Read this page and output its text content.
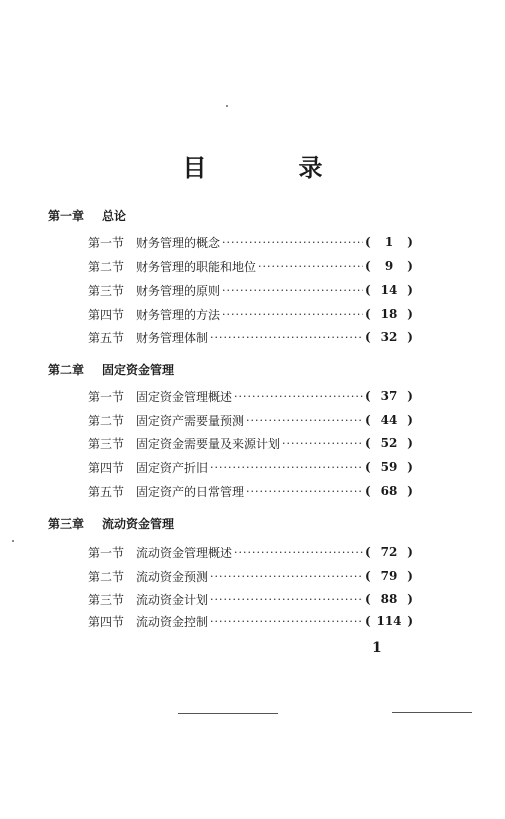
目　录
第一章 总论
第一节 财务管理的概念 ·····	( 1 )
第二节 财务管理的职能和地位 ·····	( 9 )
第三节 财务管理的原则 ·····	( 14 )
第四节 财务管理的方法 ·····	( 18 )
第五节 财务管理体制 ·····	( 32 )
第二章 固定资金管理
第一节 固定资金管理概述 ·····	( 37 )
第二节 固定资产需要量预测 ·····	( 44 )
第三节 固定资金需要量及来源计划 ·····	( 52 )
第四节 固定资产折旧 ·····	( 59 )
第五节 固定资产的日常管理 ·····	( 68 )
第三章 流动资金管理
第一节 流动资金管理概述 ·····	( 72 )
第二节 流动资金预测 ·····	( 79 )
第三节 流动资金计划 ·····	( 88 )
第四节 流动资金控制 ·····	( 114 )
1
